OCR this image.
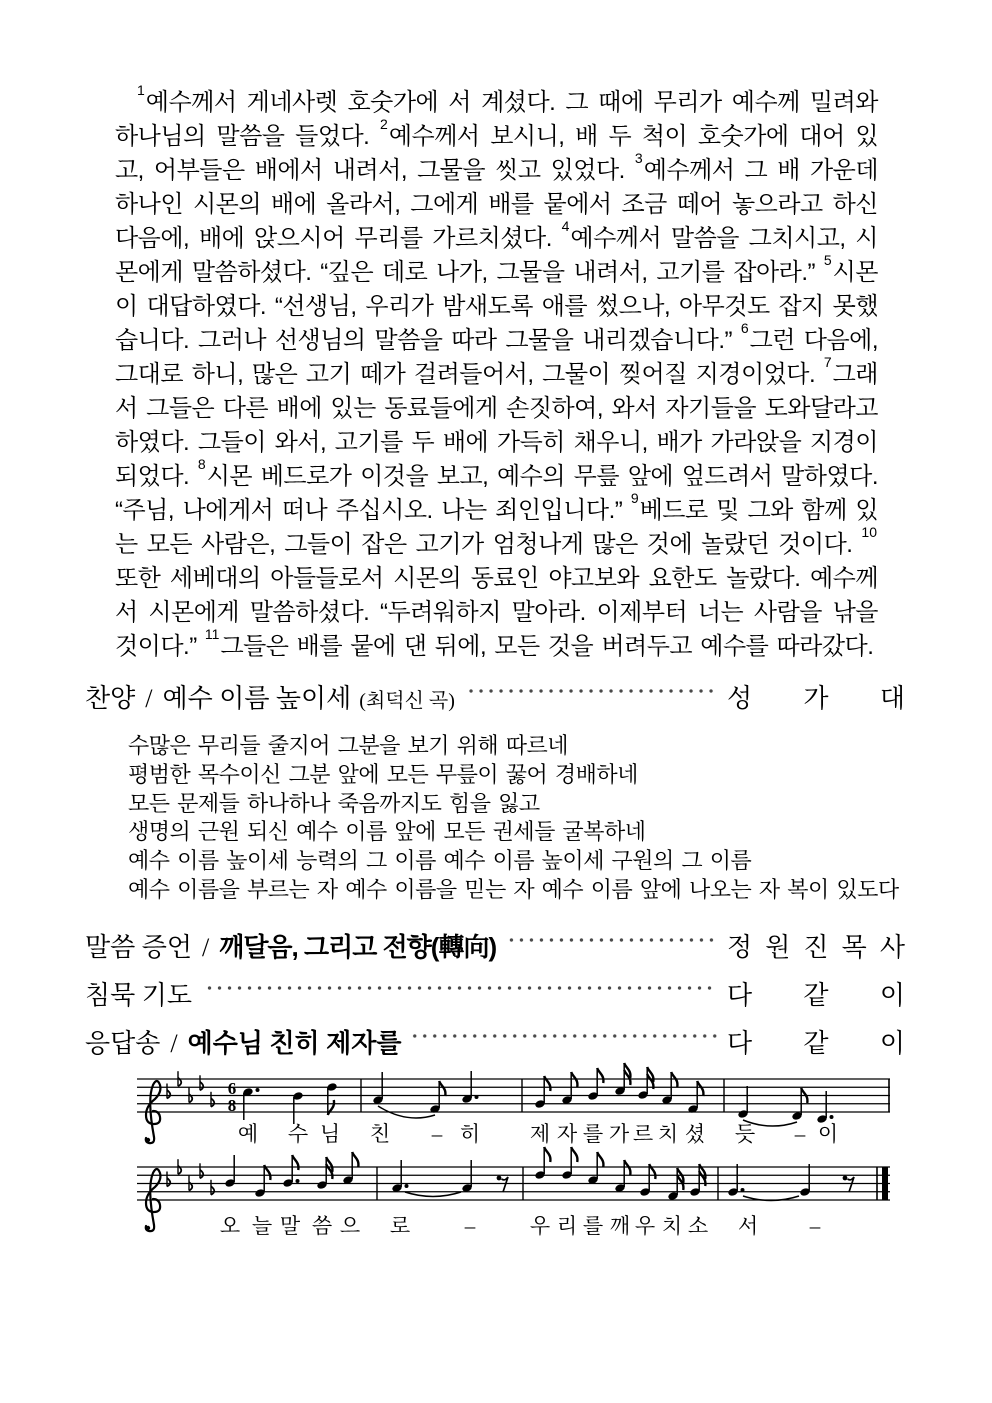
$^1$예수께서 게네사렛 호숫가에 서 계셨다. 그 때에 무리가 예수께 밀려와 하나님의 말씀을 들었다. $^2$예수께서 보시니, 배 두 척이 호숫가에 대어 있고, 어부들은 배에서 내려서, 그물을 씻고 있었다. $^3$예수께서 그 배 가운데 하나인 시몬의 배에 올라서, 그에게 배를 뭍에서 조금 떼어 놓으라고 하신 다음에, 배에 앉으시어 무리를 가르치셨다. $^4$예수께서 말씀을 그치시고, 시몬에게 말씀하셨다. “깊은 데로 나가, 그물을 내려서, 고기를 잡아라.” $^5$시몬이 대답하였다. “선생님, 우리가 밤새도록 애를 썼으나, 아무것도 잡지 못했습니다. 그러나 선생님의 말씀을 따라 그물을 내리겠습니다.” $^6$그런 다음에, 그대로 하니, 많은 고기 떼가 걸려들어서, 그물이 찢어질 지경이었다. $^7$그래서 그들은 다른 배에 있는 동료들에게 손짓하여, 와서 자기들을 도와달라고 하였다. 그들이 와서, 고기를 두 배에 가득히 채우니, 배가 가라앉을 지경이 되었다. $^8$시몬 베드로가 이것을 보고, 예수의 무릎 앞에 엎드려서 말하였다. “주님, 나에게서 떠나 주십시오. 나는 죄인입니다.” $^9$베드로 및 그와 함께 있는 모든 사람은, 그들이 잡은 고기가 엄청나게 많은 것에 놀랐던 것이다. $^{10}$또한 세베대의 아들들로서 시몬의 동료인 야고보와 요한도 놀랐다. 예수께서 시몬에게 말씀하셨다. “두려워하지 말아라. 이제부터 너는 사람을 낚을 것이다.” $^{11}$그들은 배를 뭍에 댄 뒤에, 모든 것을 버려두고 예수를 따라갔다.
찬양 / 예수 이름 높이세 (최덕신 곡)	성 가 대
수많은 무리들 줄지어 그분을 보기 위해 따르네
평범한 목수이신 그분 앞에 모든 무릎이 꿇어 경배하네
모든 문제들 하나하나 죽음까지도 힘을 잃고
생명의 근원 되신 예수 이름 앞에 모든 권세들 굴복하네
예수 이름 높이세 능력의 그 이름 예수 이름 높이세 구원의 그 이름
예수 이름을 부르는 자 예수 이름을 믿는 자 예수 이름 앞에 나오는 자 복이 있도다
말씀 증언 / 깨달음, 그리고 전향(轉向)	정 원 진 목 사
침묵 기도	다 같 이
응답송 / 예수님 친히 제자를	다 같 이
6
8
예 수 님 친 – 히 제 자 를 가 르 치 셨 듯 – 이
오 늘 말 씀 으 로	–	우 리 를 깨 우 치 소 서 –
